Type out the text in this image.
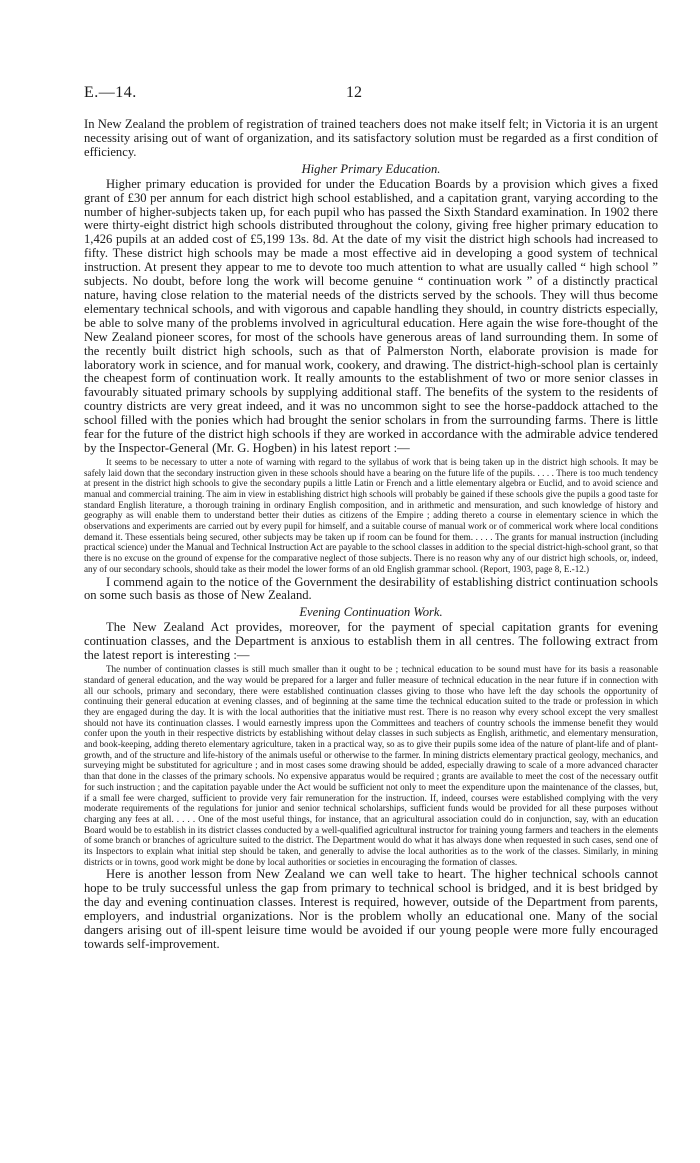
E.—14.	12

In New Zealand the problem of registration of trained teachers does not make itself felt; in Victoria it is an urgent necessity arising out of want of organization, and its satisfactory solution must be regarded as a first condition of efficiency.

Higher Primary Education.

Higher primary education is provided for under the Education Boards by a provision which gives a fixed grant of £30 per annum for each district high school established, and a capitation grant, varying according to the number of higher-subjects taken up, for each pupil who has passed the Sixth Standard examination. In 1902 there were thirty-eight district high schools distributed throughout the colony, giving free higher primary education to 1,426 pupils at an added cost of £5,199 13s. 8d. At the date of my visit the district high schools had increased to fifty. These district high schools may be made a most effective aid in developing a good system of technical instruction. At present they appear to me to devote too much attention to what are usually called “ high school ” subjects. No doubt, before long the work will become genuine “ continuation work ” of a distinctly practical nature, having close relation to the material needs of the districts served by the schools. They will thus become elementary technical schools, and with vigorous and capable handling they should, in country districts especially, be able to solve many of the problems involved in agricultural education. Here again the wise fore-thought of the New Zealand pioneer scores, for most of the schools have generous areas of land surrounding them. In some of the recently built district high schools, such as that of Palmerston North, elaborate provision is made for laboratory work in science, and for manual work, cookery, and drawing. The district-high-school plan is certainly the cheapest form of continuation work. It really amounts to the establishment of two or more senior classes in favourably situated primary schools by supplying additional staff. The benefits of the system to the residents of country districts are very great indeed, and it was no uncommon sight to see the horse-paddock attached to the school filled with the ponies which had brought the senior scholars in from the surrounding farms. There is little fear for the future of the district high schools if they are worked in accordance with the admirable advice tendered by the Inspector-General (Mr. G. Hogben) in his latest report :—

It seems to be necessary to utter a note of warning with regard to the syllabus of work that is being taken up in the district high schools. It may be safely laid down that the secondary instruction given in these schools should have a bearing on the future life of the pupils. . . . . There is too much tendency at present in the district high schools to give the secondary pupils a little Latin or French and a little elementary algebra or Euclid, and to avoid science and manual and commercial training. The aim in view in establishing district high schools will probably be gained if these schools give the pupils a good taste for standard English literature, a thorough training in ordinary English composition, and in arithmetic and mensuration, and such knowledge of history and geography as will enable them to understand better their duties as citizens of the Empire ; adding thereto a course in elementary science in which the observations and experiments are carried out by every pupil for himself, and a suitable course of manual work or of commerical work where local conditions demand it. These essentials being secured, other subjects may be taken up if room can be found for them. . . . . The grants for manual instruction (including practical science) under the Manual and Technical Instruction Act are payable to the school classes in addition to the special district-high-school grant, so that there is no excuse on the ground of expense for the comparative neglect of those subjects. There is no reason why any of our district high schools, or, indeed, any of our secondary schools, should take as their model the lower forms of an old English grammar school. (Report, 1903, page 8, E.-12.)

I commend again to the notice of the Government the desirability of establishing district continuation schools on some such basis as those of New Zealand.

Evening Continuation Work.

The New Zealand Act provides, moreover, for the payment of special capitation grants for evening continuation classes, and the Department is anxious to establish them in all centres. The following extract from the latest report is interesting :—

The number of continuation classes is still much smaller than it ought to be ; technical education to be sound must have for its basis a reasonable standard of general education, and the way would be prepared for a larger and fuller measure of technical education in the near future if in connection with all our schools, primary and secondary, there were established continuation classes giving to those who have left the day schools the opportunity of continuing their general education at evening classes, and of beginning at the same time the technical education suited to the trade or profession in which they are engaged during the day. It is with the local authorities that the initiative must rest. There is no reason why every school except the very smallest should not have its continuation classes. I would earnestly impress upon the Committees and teachers of country schools the immense benefit they would confer upon the youth in their respective districts by establishing without delay classes in such subjects as English, arithmetic, and elementary mensuration, and book-keeping, adding thereto elementary agriculture, taken in a practical way, so as to give their pupils some idea of the nature of plant-life and of plant-growth, and of the structure and life-history of the animals useful or otherwise to the farmer. In mining districts elementary practical geology, mechanics, and surveying might be substituted for agriculture ; and in most cases some drawing should be added, especially drawing to scale of a more advanced character than that done in the classes of the primary schools. No expensive apparatus would be required ; grants are available to meet the cost of the necessary outfit for such instruction ; and the capitation payable under the Act would be sufficient not only to meet the expenditure upon the maintenance of the classes, but, if a small fee were charged, sufficient to provide very fair remuneration for the instruction. If, indeed, courses were established complying with the very moderate requirements of the regulations for junior and senior technical scholarships, sufficient funds would be provided for all these purposes without charging any fees at all. . . . . One of the most useful things, for instance, that an agricultural association could do in conjunction, say, with an education Board would be to establish in its district classes conducted by a well-qualified agricultural instructor for training young farmers and teachers in the elements of some branch or branches of agriculture suited to the district. The Department would do what it has always done when requested in such cases, send one of its Inspectors to explain what initial step should be taken, and generally to advise the local authorities as to the work of the classes. Similarly, in mining districts or in towns, good work might be done by local authorities or societies in encouraging the formation of classes.

Here is another lesson from New Zealand we can well take to heart. The higher technical schools cannot hope to be truly successful unless the gap from primary to technical school is bridged, and it is best bridged by the day and evening continuation classes. Interest is required, however, outside of the Department from parents, employers, and industrial organizations. Nor is the problem wholly an educational one. Many of the social dangers arising out of ill-spent leisure time would be avoided if our young people were more fully encouraged towards self-improvement.
